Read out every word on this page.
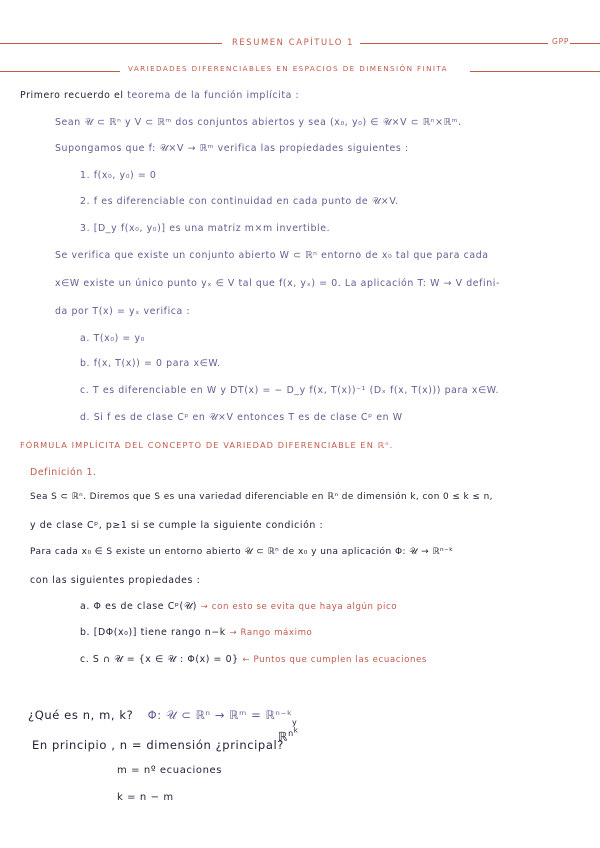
RESUMEN CAPÍTULO 1	GPP
VARIEDADES DIFERENCIABLES EN ESPACIOS DE DIMENSIÓN FINITA
Primero recuerdo el teorema de la función implícita :
Sean 𝒰 ⊂ ℝⁿ y V ⊂ ℝᵐ dos conjuntos abiertos y sea (x₀, y₀) ∈ 𝒰×V ⊂ ℝⁿ×ℝᵐ.
Supongamos que f: 𝒰×V → ℝᵐ verifica las propiedades siguientes :
1. f(x₀, y₀) = 0
2. f es diferenciable con continuidad en cada punto de 𝒰×V.
3. [D_y f(x₀, y₀)] es una matriz m×m invertible.
Se verifica que existe un conjunto abierto W ⊂ ℝⁿ entorno de x₀ tal que para cada
x∈W existe un único punto yₓ ∈ V tal que f(x, yₓ) = 0. La aplicación T: W → V defini-
da por T(x) = yₓ verifica :
a. T(x₀) = y₀
b. f(x, T(x)) = 0 para x∈W.
c. T es diferenciable en W y DT(x) = − D_y f(x, T(x))⁻¹ (Dₓ f(x, T(x))) para x∈W.
d. Si f es de clase Cᵖ en 𝒰×V entonces T es de clase Cᵖ en W
FÓRMULA IMPLÍCITA DEL CONCEPTO DE VARIEDAD DIFERENCIABLE EN ℝⁿ.
Definición 1.
Sea S ⊂ ℝⁿ. Diremos que S es una variedad diferenciable en ℝⁿ de dimensión k, con 0 ≤ k ≤ n,
y de clase Cᵖ, p≥1 si se cumple la siguiente condición :
Para cada x₀ ∈ S existe un entorno abierto 𝒰 ⊂ ℝⁿ de x₀ y una aplicación Φ: 𝒰 → ℝⁿ⁻ᵏ
con las siguientes propiedades :
a. Φ es de clase Cᵖ(𝒰) → con esto se evita que haya algún pico
b. [DΦ(x₀)] tiene rango n−k → Rango máximo
c. S ∩ 𝒰 = {x ∈ 𝒰 : Φ(x) = 0} ← Puntos que cumplen las ecuaciones
¿Qué es n, m, k? Φ: 𝒰 ⊂ ℝⁿ → ℝᵐ = ℝⁿ⁻ᵏ
En principio , n = dimensión ¿principal?
ℝ$^{n^k}$
y
m = nº ecuaciones
k = n − m
